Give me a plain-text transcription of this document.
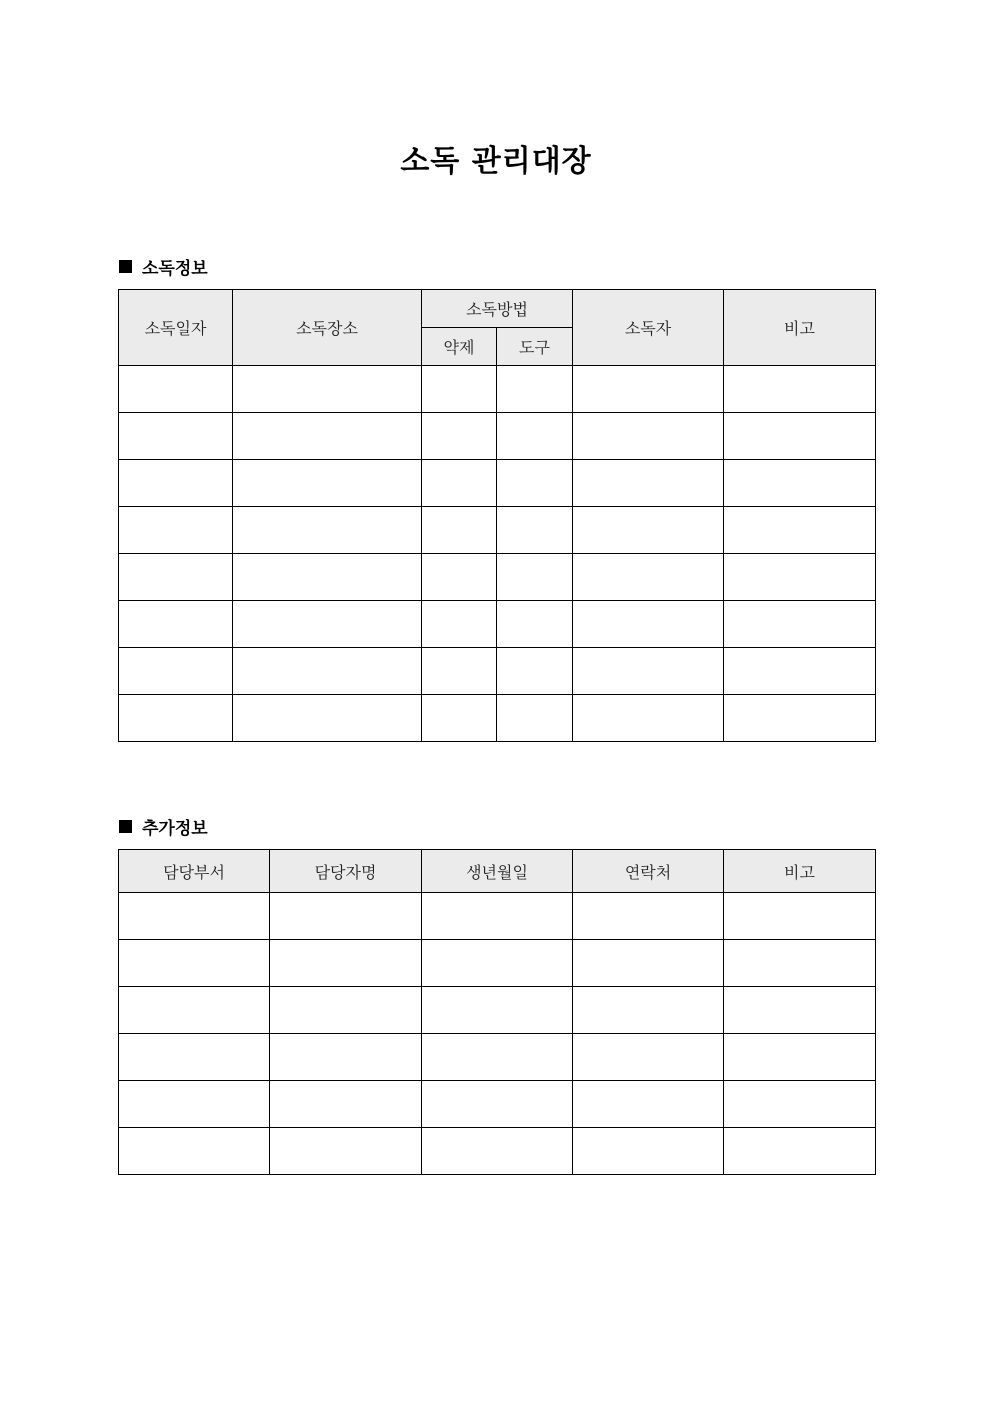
소독 관리대장
소독정보
소독일자	소독장소	소독방법		소독자	비고
		약제	도구		

추가정보
담당부서	담당자명	생년월일	연락처	비고
